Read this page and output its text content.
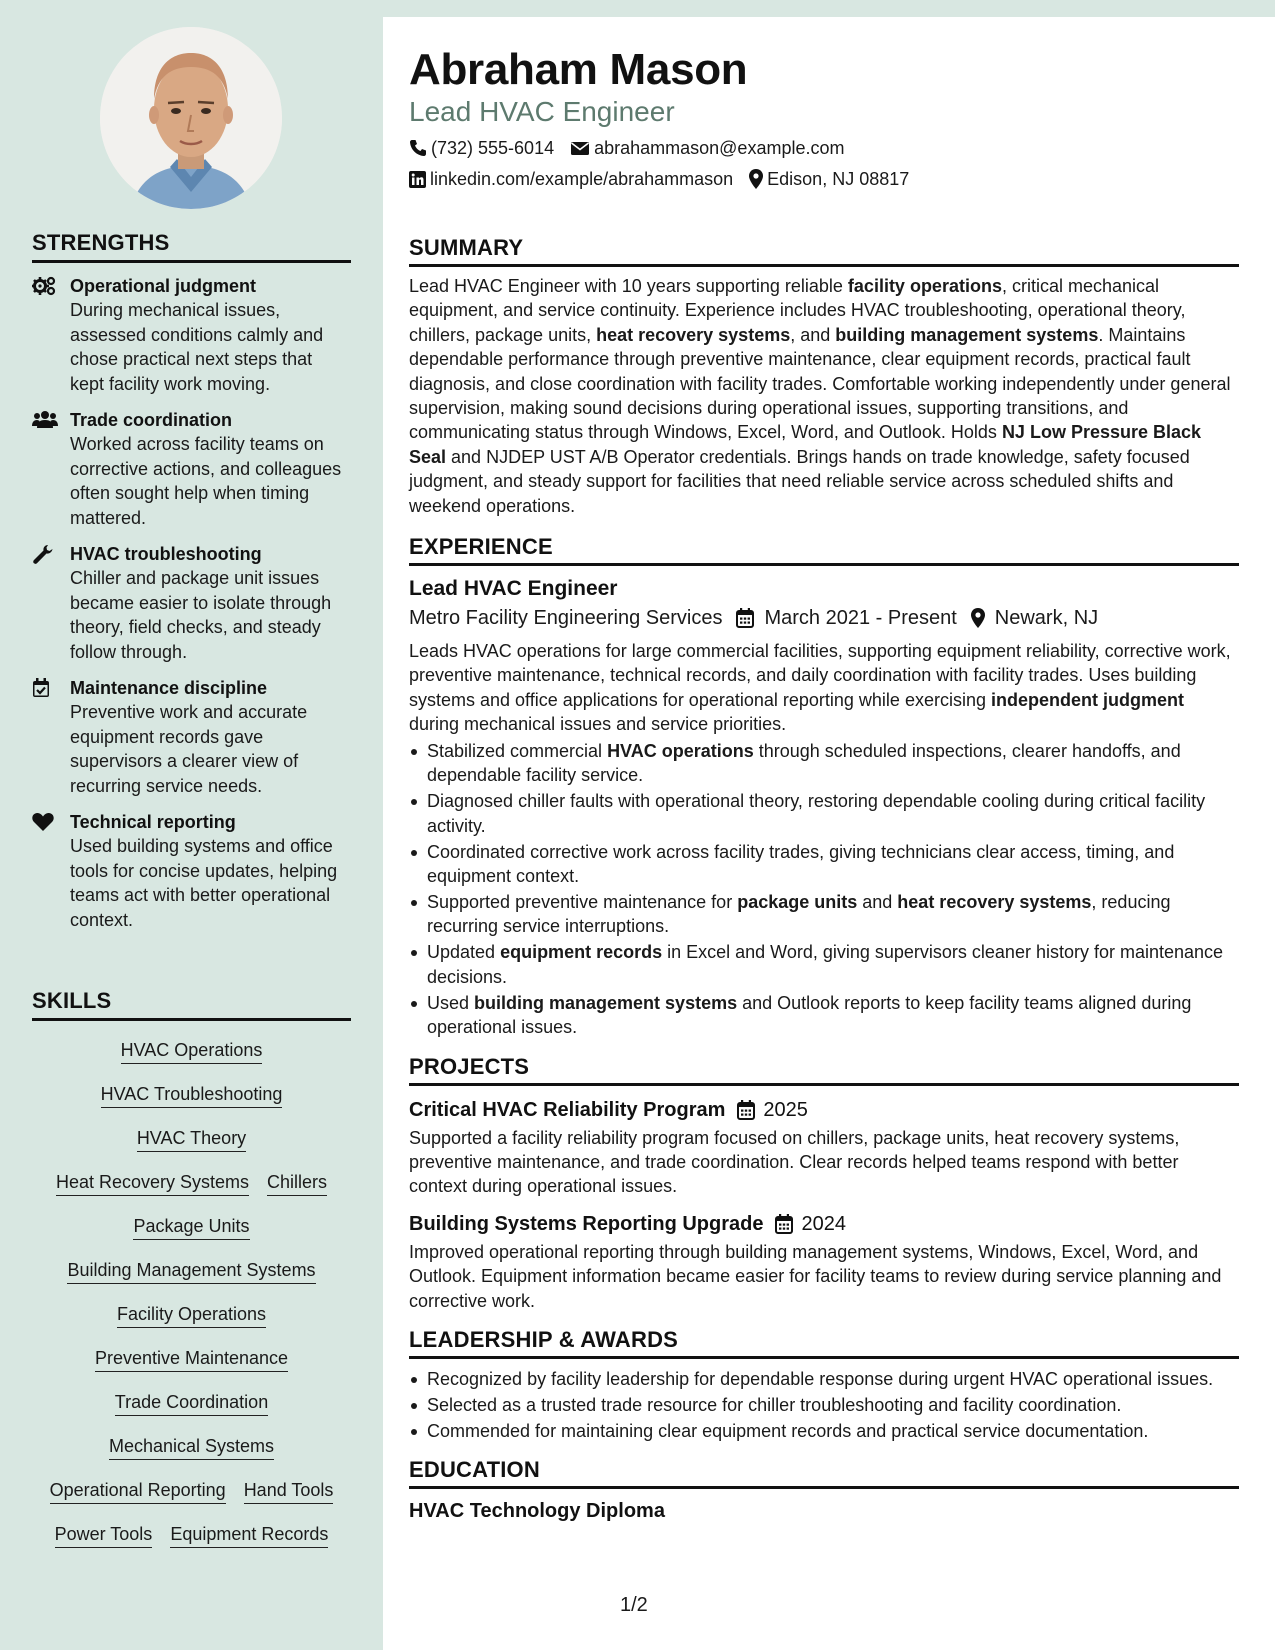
STRENGTHS
Operational judgment
During mechanical issues, assessed conditions calmly and chose practical next steps that kept facility work moving.
Trade coordination
Worked across facility teams on corrective actions, and colleagues often sought help when timing mattered.
HVAC troubleshooting
Chiller and package unit issues became easier to isolate through theory, field checks, and steady follow through.
Maintenance discipline
Preventive work and accurate equipment records gave supervisors a clearer view of recurring service needs.
Technical reporting
Used building systems and office tools for concise updates, helping teams act with better operational context.
SKILLS
HVAC Operations
HVAC Troubleshooting
HVAC Theory
Heat Recovery Systems Chillers
Package Units
Building Management Systems
Facility Operations
Preventive Maintenance
Trade Coordination
Mechanical Systems
Operational Reporting Hand Tools
Power Tools Equipment Records
Abraham Mason
Lead HVAC Engineer
(732) 555-6014 abrahammason@example.com
linkedin.com/example/abrahammason Edison, NJ 08817
SUMMARY

Lead HVAC Engineer with 10 years supporting reliable facility operations, critical mechanical equipment, and service continuity. Experience includes HVAC troubleshooting, operational theory, chillers, package units, heat recovery systems, and building management systems. Maintains dependable performance through preventive maintenance, clear equipment records, practical fault diagnosis, and close coordination with facility trades. Comfortable working independently under general supervision, making sound decisions during operational issues, supporting transitions, and communicating status through Windows, Excel, Word, and Outlook. Holds NJ Low Pressure Black Seal and NJDEP UST A/B Operator credentials. Brings hands on trade knowledge, safety focused judgment, and steady support for facilities that need reliable service across scheduled shifts and weekend operations.

EXPERIENCE
Lead HVAC Engineer
Metro Facility Engineering Services March 2021 - Present Newark, NJ

Leads HVAC operations for large commercial facilities, supporting equipment reliability, corrective work, preventive maintenance, technical records, and daily coordination with facility trades. Uses building systems and office applications for operational reporting while exercising independent judgment during mechanical issues and service priorities.

Stabilized commercial HVAC operations through scheduled inspections, clearer handoffs, and dependable facility service.
Diagnosed chiller faults with operational theory, restoring dependable cooling during critical facility activity.
Coordinated corrective work across facility trades, giving technicians clear access, timing, and equipment context.
Supported preventive maintenance for package units and heat recovery systems, reducing recurring service interruptions.
Updated equipment records in Excel and Word, giving supervisors cleaner history for maintenance decisions.
Used building management systems and Outlook reports to keep facility teams aligned during operational issues.
PROJECTS
Critical HVAC Reliability Program 2025

Supported a facility reliability program focused on chillers, package units, heat recovery systems, preventive maintenance, and trade coordination. Clear records helped teams respond with better context during operational issues.

Building Systems Reporting Upgrade 2024

Improved operational reporting through building management systems, Windows, Excel, Word, and Outlook. Equipment information became easier for facility teams to review during service planning and corrective work.

LEADERSHIP & AWARDS
Recognized by facility leadership for dependable response during urgent HVAC operational issues.
Selected as a trusted trade resource for chiller troubleshooting and facility coordination.
Commended for maintaining clear equipment records and practical service documentation.
EDUCATION
HVAC Technology Diploma
1/2
